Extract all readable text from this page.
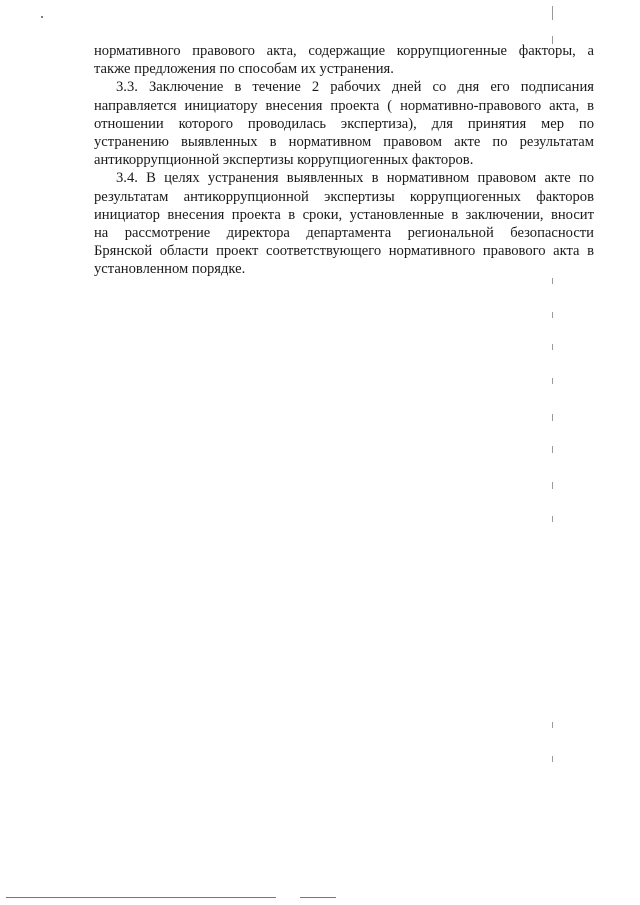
нормативного правового акта, содержащие коррупциогенные факторы, а
также предложения по способам их устранения.

3.3. Заключение в течение 2 рабочих дней со дня его подписания
направляется инициатору внесения проекта ( нормативно-правового акта, в
отношении которого проводилась экспертиза), для принятия мер по
устранению выявленных в нормативном правовом акте по результатам
антикоррупционной экспертизы коррупциогенных факторов.

3.4. В целях устранения выявленных в нормативном правовом акте по
результатам антикоррупционной экспертизы коррупциогенных факторов
инициатор внесения проекта в сроки, установленные в заключении, вносит
на рассмотрение директора департамента региональной безопасности
Брянской области проект соответствующего нормативного правового акта в
установленном порядке.
